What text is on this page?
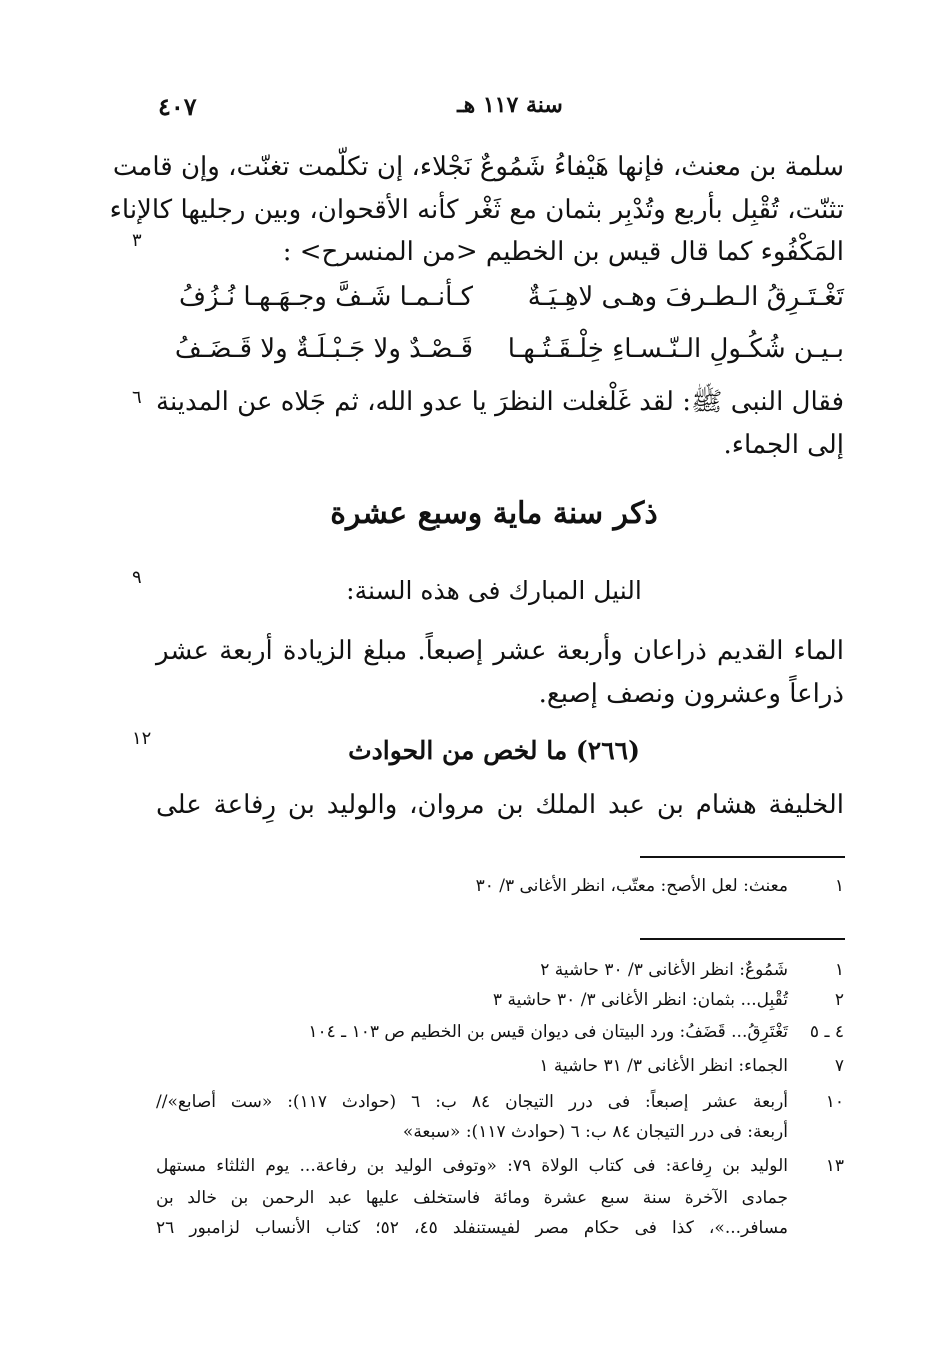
٤٠٧	سنة ١١٧ هـ
سلمة بن معنث، فإنها هَيْفاءُ شَمُوعٌ نَجْلاء، إن تكلّمت تغنّت، وإن قامت
تثنّت، تُقْبِل بأربع وتُدْبِر بثمان مع ثَغْر كأنه الأقحوان، وبين رجليها كالإناء
المَكْفُوء كما قال قيس بن الخطيم <من المنسرح> :
٣
تَغْـتَـرِقُ الـطـرفَ وهـى لاهِـيَـةٌ
كـأنـمـا شَـفَّ وجـهَـهـا نُـزُفُ
بـيـن شُكُـولِ الـنّـسـاءِ خِلْـقَـتُـهـا
قَـصْـدٌ ولا جَـبْـلَـةٌ ولا قَـضَـفُ
فقال النبى ﷺ: لقد غَلْغلت النظرَ يا عدو الله، ثم جَلاه عن المدينة
٦
إلى الجماء.
ذكر سنة ماية وسبع عشرة
٩	النيل المبارك فى هذه السنة:
الماء القديم ذراعان وأربعة عشر إصبعاً. مبلغ الزيادة أربعة عشر
ذراعاً وعشرون ونصف إصبع.
١٢	(٢٦٦) ما لخص من الحوادث
الخليفة هشام بن عبد الملك بن مروان، والوليد بن رِفاعة على
١
معنث: لعل الأصح: معتّب، انظر الأغانى ٣/ ٣٠
١
شَمُوعٌ: انظر الأغانى ٣/ ٣٠ حاشية ٢
٢
تُقْبِل... بثمان: انظر الأغانى ٣/ ٣٠ حاشية ٣
٤ ـ ٥
تَغْتَرِقُ... قَضَفُ: ورد البيتان فى ديوان قيس بن الخطيم ص ١٠٣ ـ ١٠٤
٧
الجماء: انظر الأغانى ٣/ ٣١ حاشية ١
١٠
أربعة عشر إصبعاً: فى درر التيجان ٨٤ ب: ٦ (حوادث ١١٧): «ست أصابع»//
أربعة: فى درر التيجان ٨٤ ب: ٦ (حوادث ١١٧): «سبعة»
١٣
الوليد بن رِفاعة: فى كتاب الولاة ٧٩: «وتوفى الوليد بن رفاعة... يوم الثلثاء مستهل
جمادى الآخرة سنة سبع عشرة ومائة فاستخلف عليها عبد الرحمن بن خالد بن
مسافر...»، كذا فى حكام مصر لفيستنفلد ٤٥، ٥٢؛ كتاب الأنساب لزامبور ٢٦
